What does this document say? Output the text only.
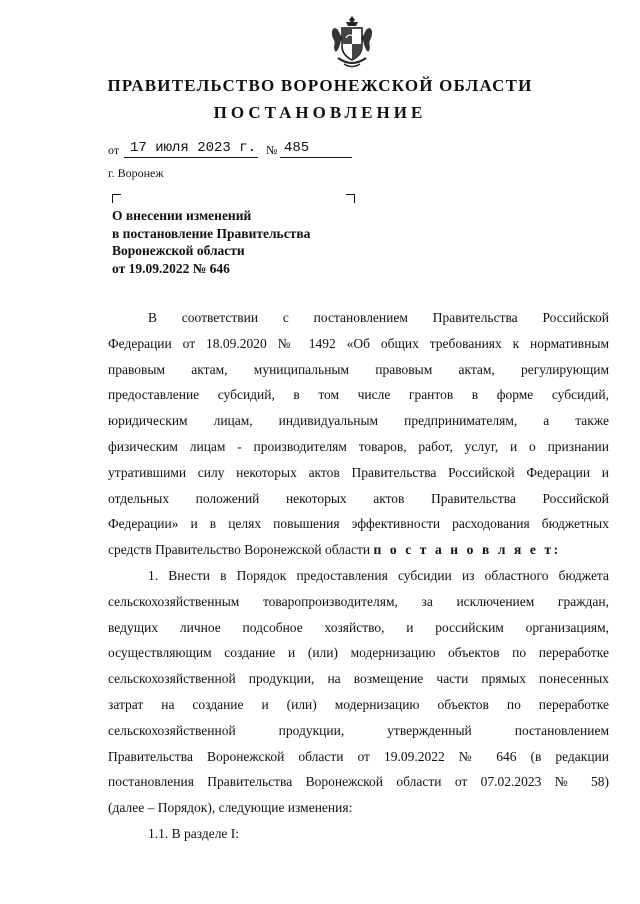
ПРАВИТЕЛЬСТВО ВОРОНЕЖСКОЙ ОБЛАСТИ
ПОСТАНОВЛЕНИЕ
от 17 июля 2023 г. № 485
г. Воронеж
О внесении изменений
в постановление Правительства
Воронежской области
от 19.09.2022 № 646
В соответствии с постановлением Правительства Российской
Федерации от 18.09.2020 № 1492 «Об общих требованиях к нормативным
правовым актам, муниципальным правовым актам, регулирующим
предоставление субсидий, в том числе грантов в форме субсидий,
юридическим лицам, индивидуальным предпринимателям, а также
физическим лицам - производителям товаров, работ, услуг, и о признании
утратившими силу некоторых актов Правительства Российской Федерации и
отдельных положений некоторых актов Правительства Российской
Федерации» и в целях повышения эффективности расходования бюджетных
средств Правительство Воронежской области п о с т а н о в л я е т:
1. Внести в Порядок предоставления субсидии из областного бюджета
сельскохозяйственным товаропроизводителям, за исключением граждан,
ведущих личное подсобное хозяйство, и российским организациям,
осуществляющим создание и (или) модернизацию объектов по переработке
сельскохозяйственной продукции, на возмещение части прямых понесенных
затрат на создание и (или) модернизацию объектов по переработке
сельскохозяйственной продукции, утвержденный постановлением
Правительства Воронежской области от 19.09.2022 № 646 (в редакции
постановления Правительства Воронежской области от 07.02.2023 № 58)
(далее – Порядок), следующие изменения:
1.1. В разделе I:
